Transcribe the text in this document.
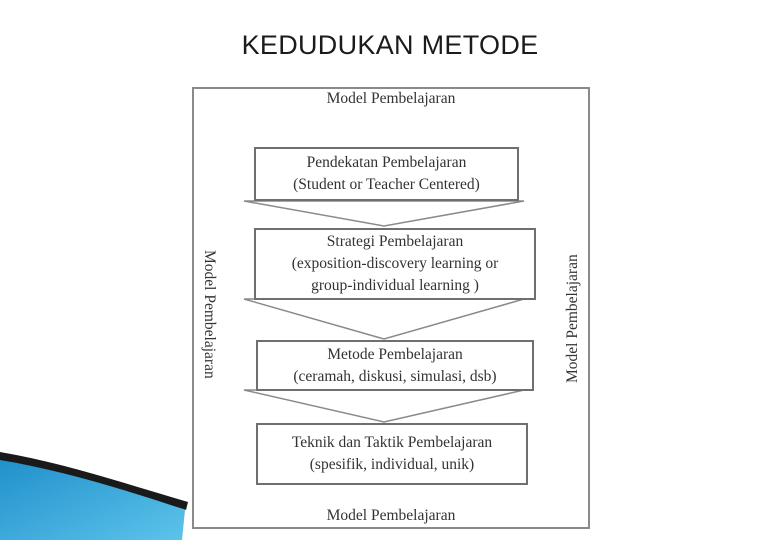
KEDUDUKAN METODE
Model Pembelajaran
Model Pembelajaran
Model Pembelajaran	Model Pembelajaran
Pendekatan Pembelajaran
(Student or Teacher Centered)
Strategi Pembelajaran
(exposition-discovery learning or
group-individual learning )
Metode Pembelajaran
(ceramah, diskusi, simulasi, dsb)
Teknik dan Taktik Pembelajaran
(spesifik, individual, unik)
